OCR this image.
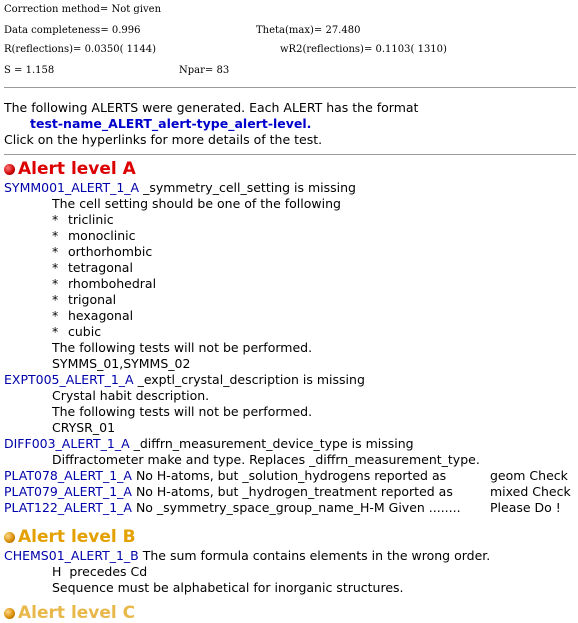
Correction method= Not given
Data completeness= 0.996	Theta(max)= 27.480
R(reflections)= 0.0350( 1144)	wR2(reflections)= 0.1103( 1310)
S = 1.158	Npar= 83
The following ALERTS were generated. Each ALERT has the format
test-name_ALERT_alert-type_alert-level.
Click on the hyperlinks for more details of the test.
Alert level A
SYMM001_ALERT_1_A _symmetry_cell_setting is missing
The cell setting should be one of the following
* triclinic
* monoclinic
* orthorhombic
* tetragonal
* rhombohedral
* trigonal
* hexagonal
* cubic
The following tests will not be performed.
SYMMS_01,SYMMS_02
EXPT005_ALERT_1_A _exptl_crystal_description is missing
Crystal habit description.
The following tests will not be performed.
CRYSR_01
DIFF003_ALERT_1_A _diffrn_measurement_device_type is missing
Diffractometer make and type. Replaces _diffrn_measurement_type.
PLAT078_ALERT_1_A No H-atoms, but _solution_hydrogens reported as	geom Check
PLAT079_ALERT_1_A No H-atoms, but _hydrogen_treatment reported as	mixed Check
PLAT122_ALERT_1_A No _symmetry_space_group_name_H-M Given ........ Please Do !
Alert level B
CHEMS01_ALERT_1_B The sum formula contains elements in the wrong order.
H  precedes Cd
Sequence must be alphabetical for inorganic structures.
Alert level C
